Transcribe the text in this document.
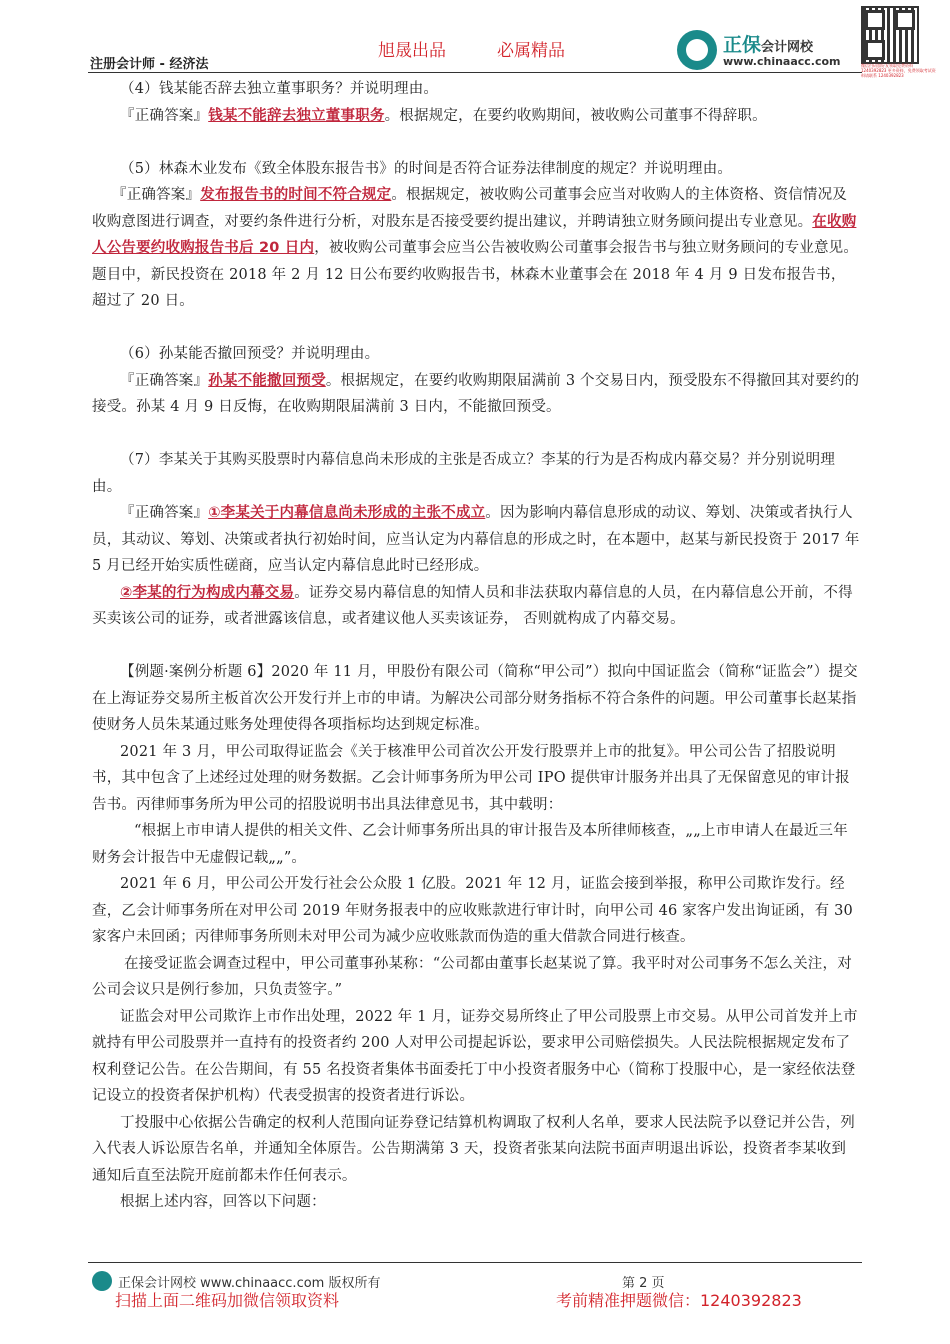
旭晟出品	必属精品
注册会计师 - 经济法
正保会计网校
www.chinaacc.com	微信扫码加好友领取免费资料 1240392823 更多资料，免费领取考试资料请联系 1240392823

（4）钱某能否辞去独立董事职务？并说明理由。

『正确答案』钱某不能辞去独立董事职务。根据规定，在要约收购期间，被收购公司董事不得辞职。

（5）林森木业发布《致全体股东报告书》的时间是否符合证券法律制度的规定？并说明理由。

『正确答案』发布报告书的时间不符合规定。根据规定，被收购公司董事会应当对收购人的主体资格、资信情况及收购意图进行调查，对要约条件进行分析，对股东是否接受要约提出建议，并聘请独立财务顾问提出专业意见。在收购人公告要约收购报告书后 20 日内，被收购公司董事会应当公告被收购公司董事会报告书与独立财务顾问的专业意见。题目中，新民投资在 2018 年 2 月 12 日公布要约收购报告书，林森木业董事会在 2018 年 4 月 9 日发布报告书，超过了 20 日。

（6）孙某能否撤回预受？并说明理由。

『正确答案』孙某不能撤回预受。根据规定，在要约收购期限届满前 3 个交易日内，预受股东不得撤回其对要约的接受。孙某 4 月 9 日反悔，在收购期限届满前 3 日内，不能撤回预受。

（7）李某关于其购买股票时内幕信息尚未形成的主张是否成立？李某的行为是否构成内幕交易？并分别说明理由。

『正确答案』①李某关于内幕信息尚未形成的主张不成立。因为影响内幕信息形成的动议、筹划、决策或者执行人员，其动议、筹划、决策或者执行初始时间，应当认定为内幕信息的形成之时，在本题中，赵某与新民投资于 2017 年 5 月已经开始实质性磋商，应当认定内幕信息此时已经形成。

②李某的行为构成内幕交易。证券交易内幕信息的知情人员和非法获取内幕信息的人员，在内幕信息公开前，不得买卖该公司的证券，或者泄露该信息，或者建议他人买卖该证券， 否则就构成了内幕交易。

【例题·案例分析题 6】2020 年 11 月，甲股份有限公司（简称“甲公司”）拟向中国证监会（简称“证监会”）提交在上海证券交易所主板首次公开发行并上市的申请。为解决公司部分财务指标不符合条件的问题。甲公司董事长赵某指使财务人员朱某通过账务处理使得各项指标均达到规定标准。

2021 年 3 月，甲公司取得证监会《关于核准甲公司首次公开发行股票并上市的批复》。甲公司公告了招股说明书，其中包含了上述经过处理的财务数据。乙会计师事务所为甲公司 IPO 提供审计服务并出具了无保留意见的审计报告书。丙律师事务所为甲公司的招股说明书出具法律意见书，其中载明：

“根据上市申请人提供的相关文件、乙会计师事务所出具的审计报告及本所律师核查，„„上市申请人在最近三年财务会计报告中无虚假记载„„”。

2021 年 6 月，甲公司公开发行社会公众股 1 亿股。2021 年 12 月，证监会接到举报，称甲公司欺诈发行。经查，乙会计师事务所在对甲公司 2019 年财务报表中的应收账款进行审计时，向甲公司 46 家客户发出询证函，有 30 家客户未回函；丙律师事务所则未对甲公司为减少应收账款而伪造的重大借款合同进行核查。

在接受证监会调查过程中，甲公司董事孙某称：“公司都由董事长赵某说了算。我平时对公司事务不怎么关注，对公司会议只是例行参加，只负责签字。”

证监会对甲公司欺诈上市作出处理，2022 年 1 月，证券交易所终止了甲公司股票上市交易。从甲公司首发并上市就持有甲公司股票并一直持有的投资者约 200 人对甲公司提起诉讼，要求甲公司赔偿损失。人民法院根据规定发布了权利登记公告。在公告期间，有 55 名投资者集体书面委托丁中小投资者服务中心（简称丁投服中心，是一家经依法登记设立的投资者保护机构）代表受损害的投资者进行诉讼。

丁投服中心依据公告确定的权利人范围向证券登记结算机构调取了权利人名单，要求人民法院予以登记并公告，列入代表人诉讼原告名单，并通知全体原告。公告期满第 3 天，投资者张某向法院书面声明退出诉讼，投资者李某收到通知后直至法院开庭前都未作任何表示。

根据上述内容，回答以下问题：

正保会计网校 www.chinaacc.com 版权所有	第 2 页
扫描上面二维码加微信领取资料	考前精准押题微信：1240392823
